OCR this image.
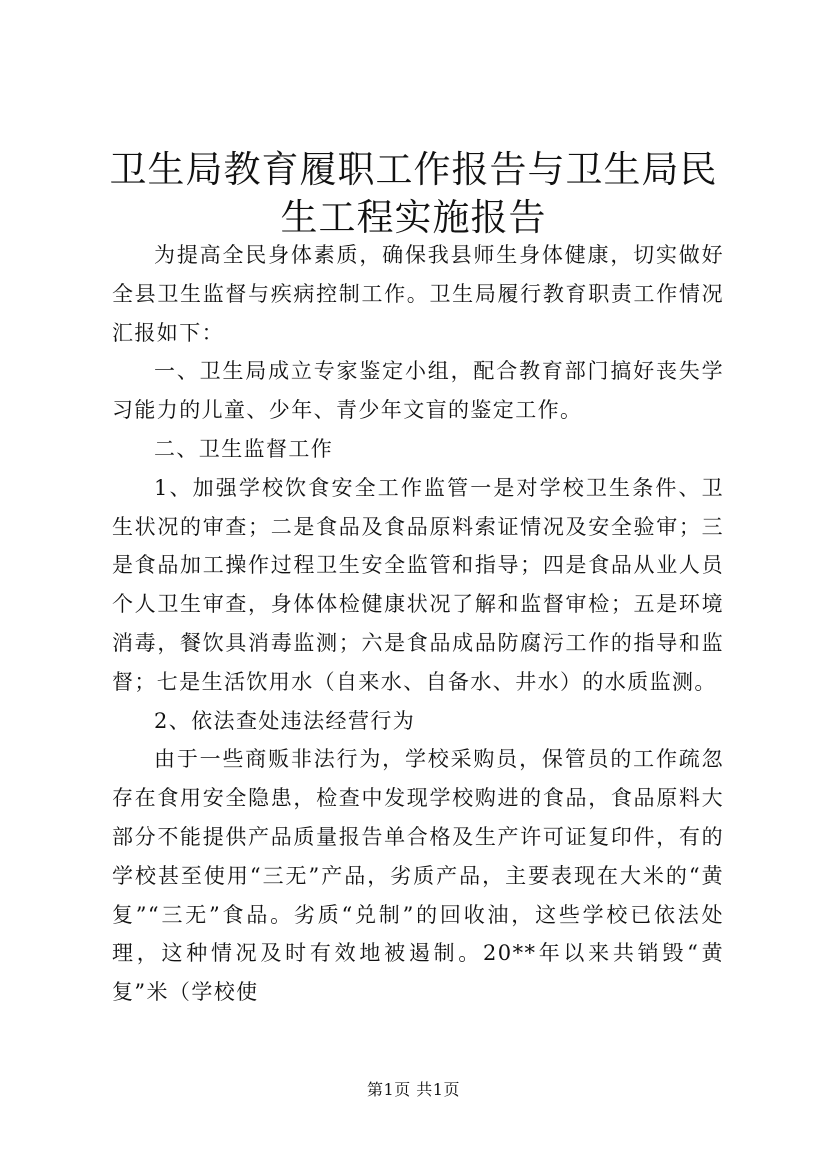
卫生局教育履职工作报告与卫生局民生工程实施报告

为提高全民身体素质，确保我县师生身体健康，切实做好全县卫生监督与疾病控制工作。卫生局履行教育职责工作情况汇报如下：

一、卫生局成立专家鉴定小组，配合教育部门搞好丧失学习能力的儿童、少年、青少年文盲的鉴定工作。

二、卫生监督工作

1、加强学校饮食安全工作监管一是对学校卫生条件、卫生状况的审查；二是食品及食品原料索证情况及安全验审；三是食品加工操作过程卫生安全监管和指导；四是食品从业人员个人卫生审查，身体体检健康状况了解和监督审检；五是环境消毒，餐饮具消毒监测；六是食品成品防腐污工作的指导和监督；七是生活饮用水（自来水、自备水、井水）的水质监测。

2、依法查处违法经营行为

由于一些商贩非法行为，学校采购员，保管员的工作疏忽存在食用安全隐患，检查中发现学校购进的食品，食品原料大部分不能提供产品质量报告单合格及生产许可证复印件，有的学校甚至使用“三无”产品，劣质产品，主要表现在大米的“黄复”“三无”食品。劣质“兑制”的回收油，这些学校已依法处理，这种情况及时有效地被遏制。20**年以来共销毁“黄复”米（学校使

第1页 共1页
